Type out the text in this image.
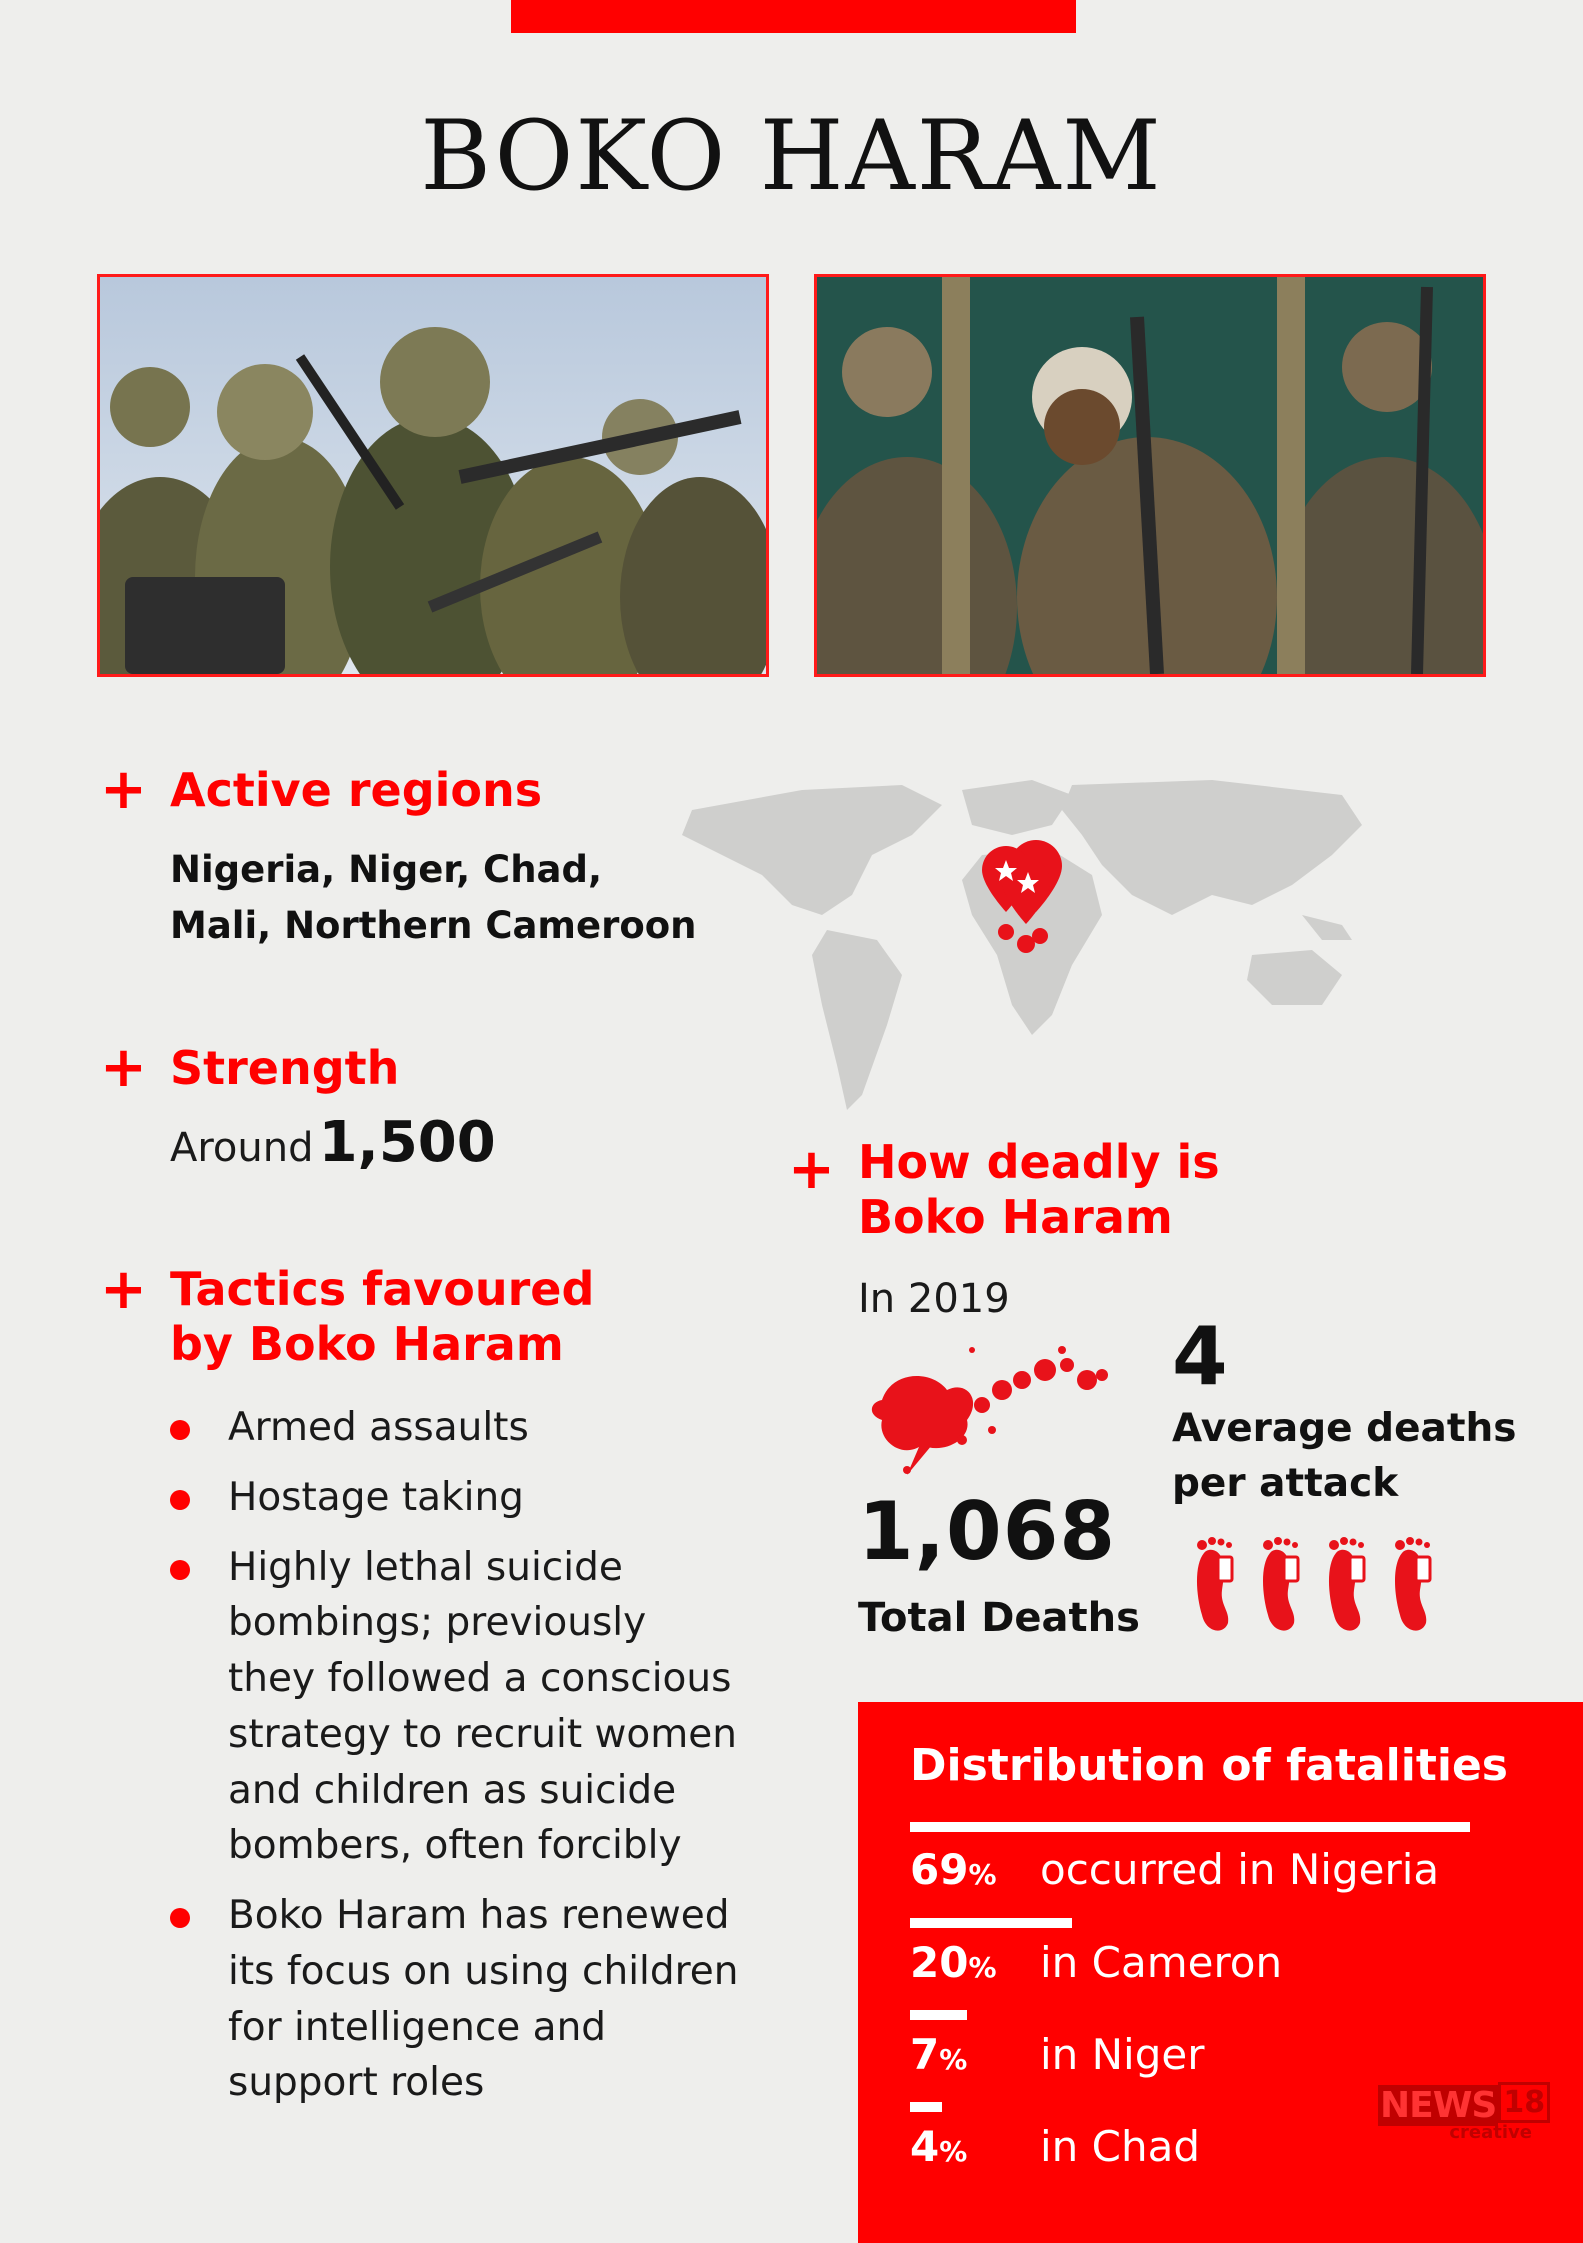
BOKO HARAM
+ Active regions
Nigeria, Niger, Chad,
Mali, Northern Cameroon
+ Strength
Around 1,500
+ Tactics favoured
by Boko Haram
Armed assaults
Hostage taking
Highly lethal suicide
bombings; previously
they followed a conscious
strategy to recruit women
and children as suicide
bombers, often forcibly
Boko Haram has renewed
its focus on using children
for intelligence and
support roles
+ How deadly is
Boko Haram
In 2019
1,068
Total Deaths
4
Average deaths
per attack
Distribution of fatalities
69% occurred in Nigeria
20% in Cameron
7% in Niger
4% in Chad
NEWS 18
creative
